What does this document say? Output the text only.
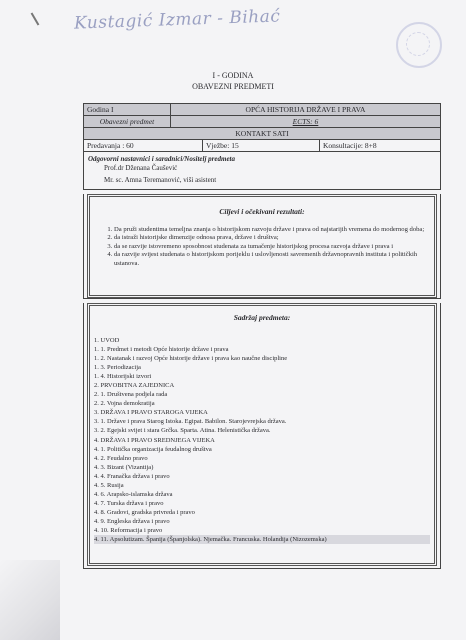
Kustagić Izmar - Bihać
I - GODINA
OBAVEZNI PREDMETI
Godina I	OPĆA HISTORIJA DRŽAVE I PRAVA
Obavezni predmet	ECTS: 6
KONTAKT SATI
Predavanja : 60	Vježbe: 15	Konsultacije: 8+8
Odgovorni nastavnici i saradnici/Nositelj predmeta
Prof.dr Dženana Čaušević
Mr. sc. Amna Teremanović, viši asistent
Ciljevi i očekivani rezultati:
1. Da pruži studentima temeljna znanja o historijskom razvoju države i prava od najstarijih vremena do modernog doba;
2. da istraži historijske dimenzije odnosa prava, države i društva;
3. da se razvije istovremeno sposobnost studenata za tumačenje historijskog procesa razvoja države i prava i
4. da razvije svijest studenata o historijskom porijeklu i uslovljenosti savremenih državnopravnih instituta i političkih ustanova.
Sadržaj predmeta:
1. UVOD
1. 1. Predmet i metodi Opće historije države i prava
1. 2. Nastanak i razvoj Opće historije države i prava kao naučne discipline
1. 3. Periodizacija
1. 4. Historijski izvori
2. PRVOBITNA ZAJEDNICA
2. 1. Društvena podjela rada
2. 2. Vojna demokratija
3. DRŽAVA I PRAVO STAROGA VIJEKA
3. 1. Države i prava Starog Istoka. Egipat. Babilon. Starojevrejska država.
3. 2. Egejski svijet i stara Grčka. Sparta. Atina. Helenistička država.
4. DRŽAVA I PRAVO SREDNJEGA VIJEKA
4. 1. Politička organizacija feudalnog društva
4. 2. Feudalno pravo
4. 3. Bizant (Vizantija)
4. 4. Franačka država i pravo
4. 5. Rusija
4. 6. Arapsko-islamska država
4. 7. Turska država i pravo
4. 8. Gradovi, gradska privreda i pravo
4. 9. Engleska država i pravo
4. 10. Reformacija i pravo
4. 11. Apsolutizam. Španija (Španjolska). Njemačka. Francuska. Holandija (Nizozemska)
